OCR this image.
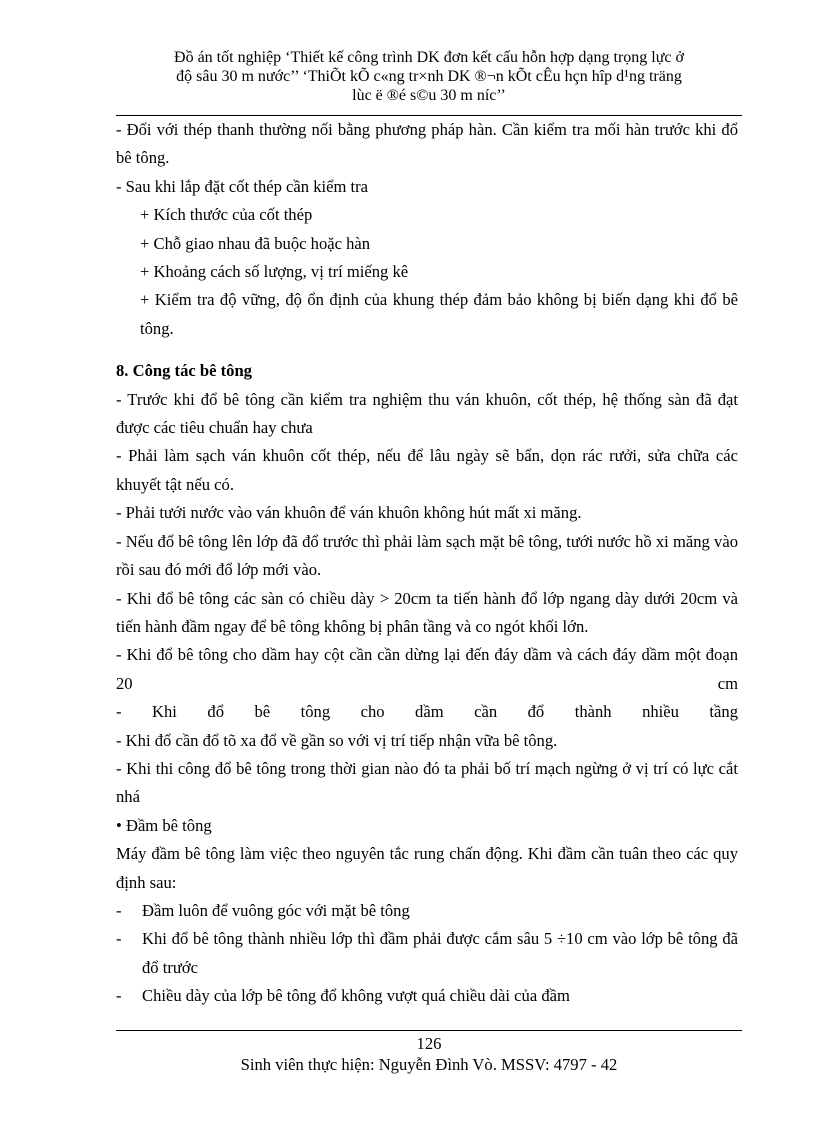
Đồ án tốt nghiệp ‘Thiết kế công trình DK đơn kết cấu hỗn hợp dạng trọng lực ở
độ sâu 30 m nước’’ ‘ThiÕt kÕ c«ng tr×nh DK ®¬n kÕt cÊu hçn hîp d¹ng träng
lùc ë ®é s©u 30 m níc’’

- Đối với thép thanh thường nối bằng phương pháp hàn. Cần kiểm tra mối hàn trước khi đổ bê tông.

- Sau khi lắp đặt cốt thép cần kiểm tra

+ Kích thước của cốt thép

+ Chỗ giao nhau đã buộc hoặc hàn

+ Khoảng cách số lượng, vị trí miếng kê

+ Kiểm tra độ vững, độ ổn định của khung thép đảm bảo không bị biến dạng khi đổ bê tông.

8. Công tác bê tông

- Trước khi đổ bê tông cần kiểm tra nghiệm thu ván khuôn, cốt thép, hệ thống sàn đã đạt được các tiêu chuẩn hay chưa

- Phải làm sạch ván khuôn cốt thép, nếu để lâu ngày sẽ bẩn, dọn rác rưởi, sửa chữa các khuyết tật nếu có.

- Phải tưới nước vào ván khuôn để ván khuôn không hút mất xi măng.

- Nếu đổ bê tông lên lớp đã đổ trước thì phải làm sạch mặt bê tông, tưới nước hồ xi măng vào rồi sau đó mới đổ lớp mới vào.

- Khi đổ bê tông các sàn có chiều dày > 20cm ta tiến hành đổ lớp ngang dày dưới 20cm và tiến hành đầm ngay để bê tông không bị phân tầng và co ngót khối lớn.

- Khi đổ bê tông cho dầm hay cột cần cần dừng lại đến đáy dầm và cách đáy dầm một đoạn 20 cm

- Khi đổ bê tông cho dầm cần đổ thành nhiều tầng

- Khi đổ cần đổ tõ xa đổ về gần so với vị trí tiếp nhận vữa bê tông.

- Khi thi công đổ bê tông trong thời gian nào đó ta phải bố trí mạch ngừng ở vị trí có lực cắt nhá

• Đầm bê tông

Máy đầm bê tông làm việc theo nguyên tắc rung chấn động. Khi đầm cần tuân theo các quy định sau:

-	Đầm luôn để vuông góc với mặt bê tông
-	Khi đổ bê tông thành nhiều lớp thì đầm phải được cắm sâu 5 ÷10 cm vào lớp bê tông đã đổ trước
-	Chiều dày của lớp bê tông đổ không vượt quá chiều dài của đầm
126
Sinh viên thực hiện: Nguyễn Đình Vò. MSSV: 4797 - 42
